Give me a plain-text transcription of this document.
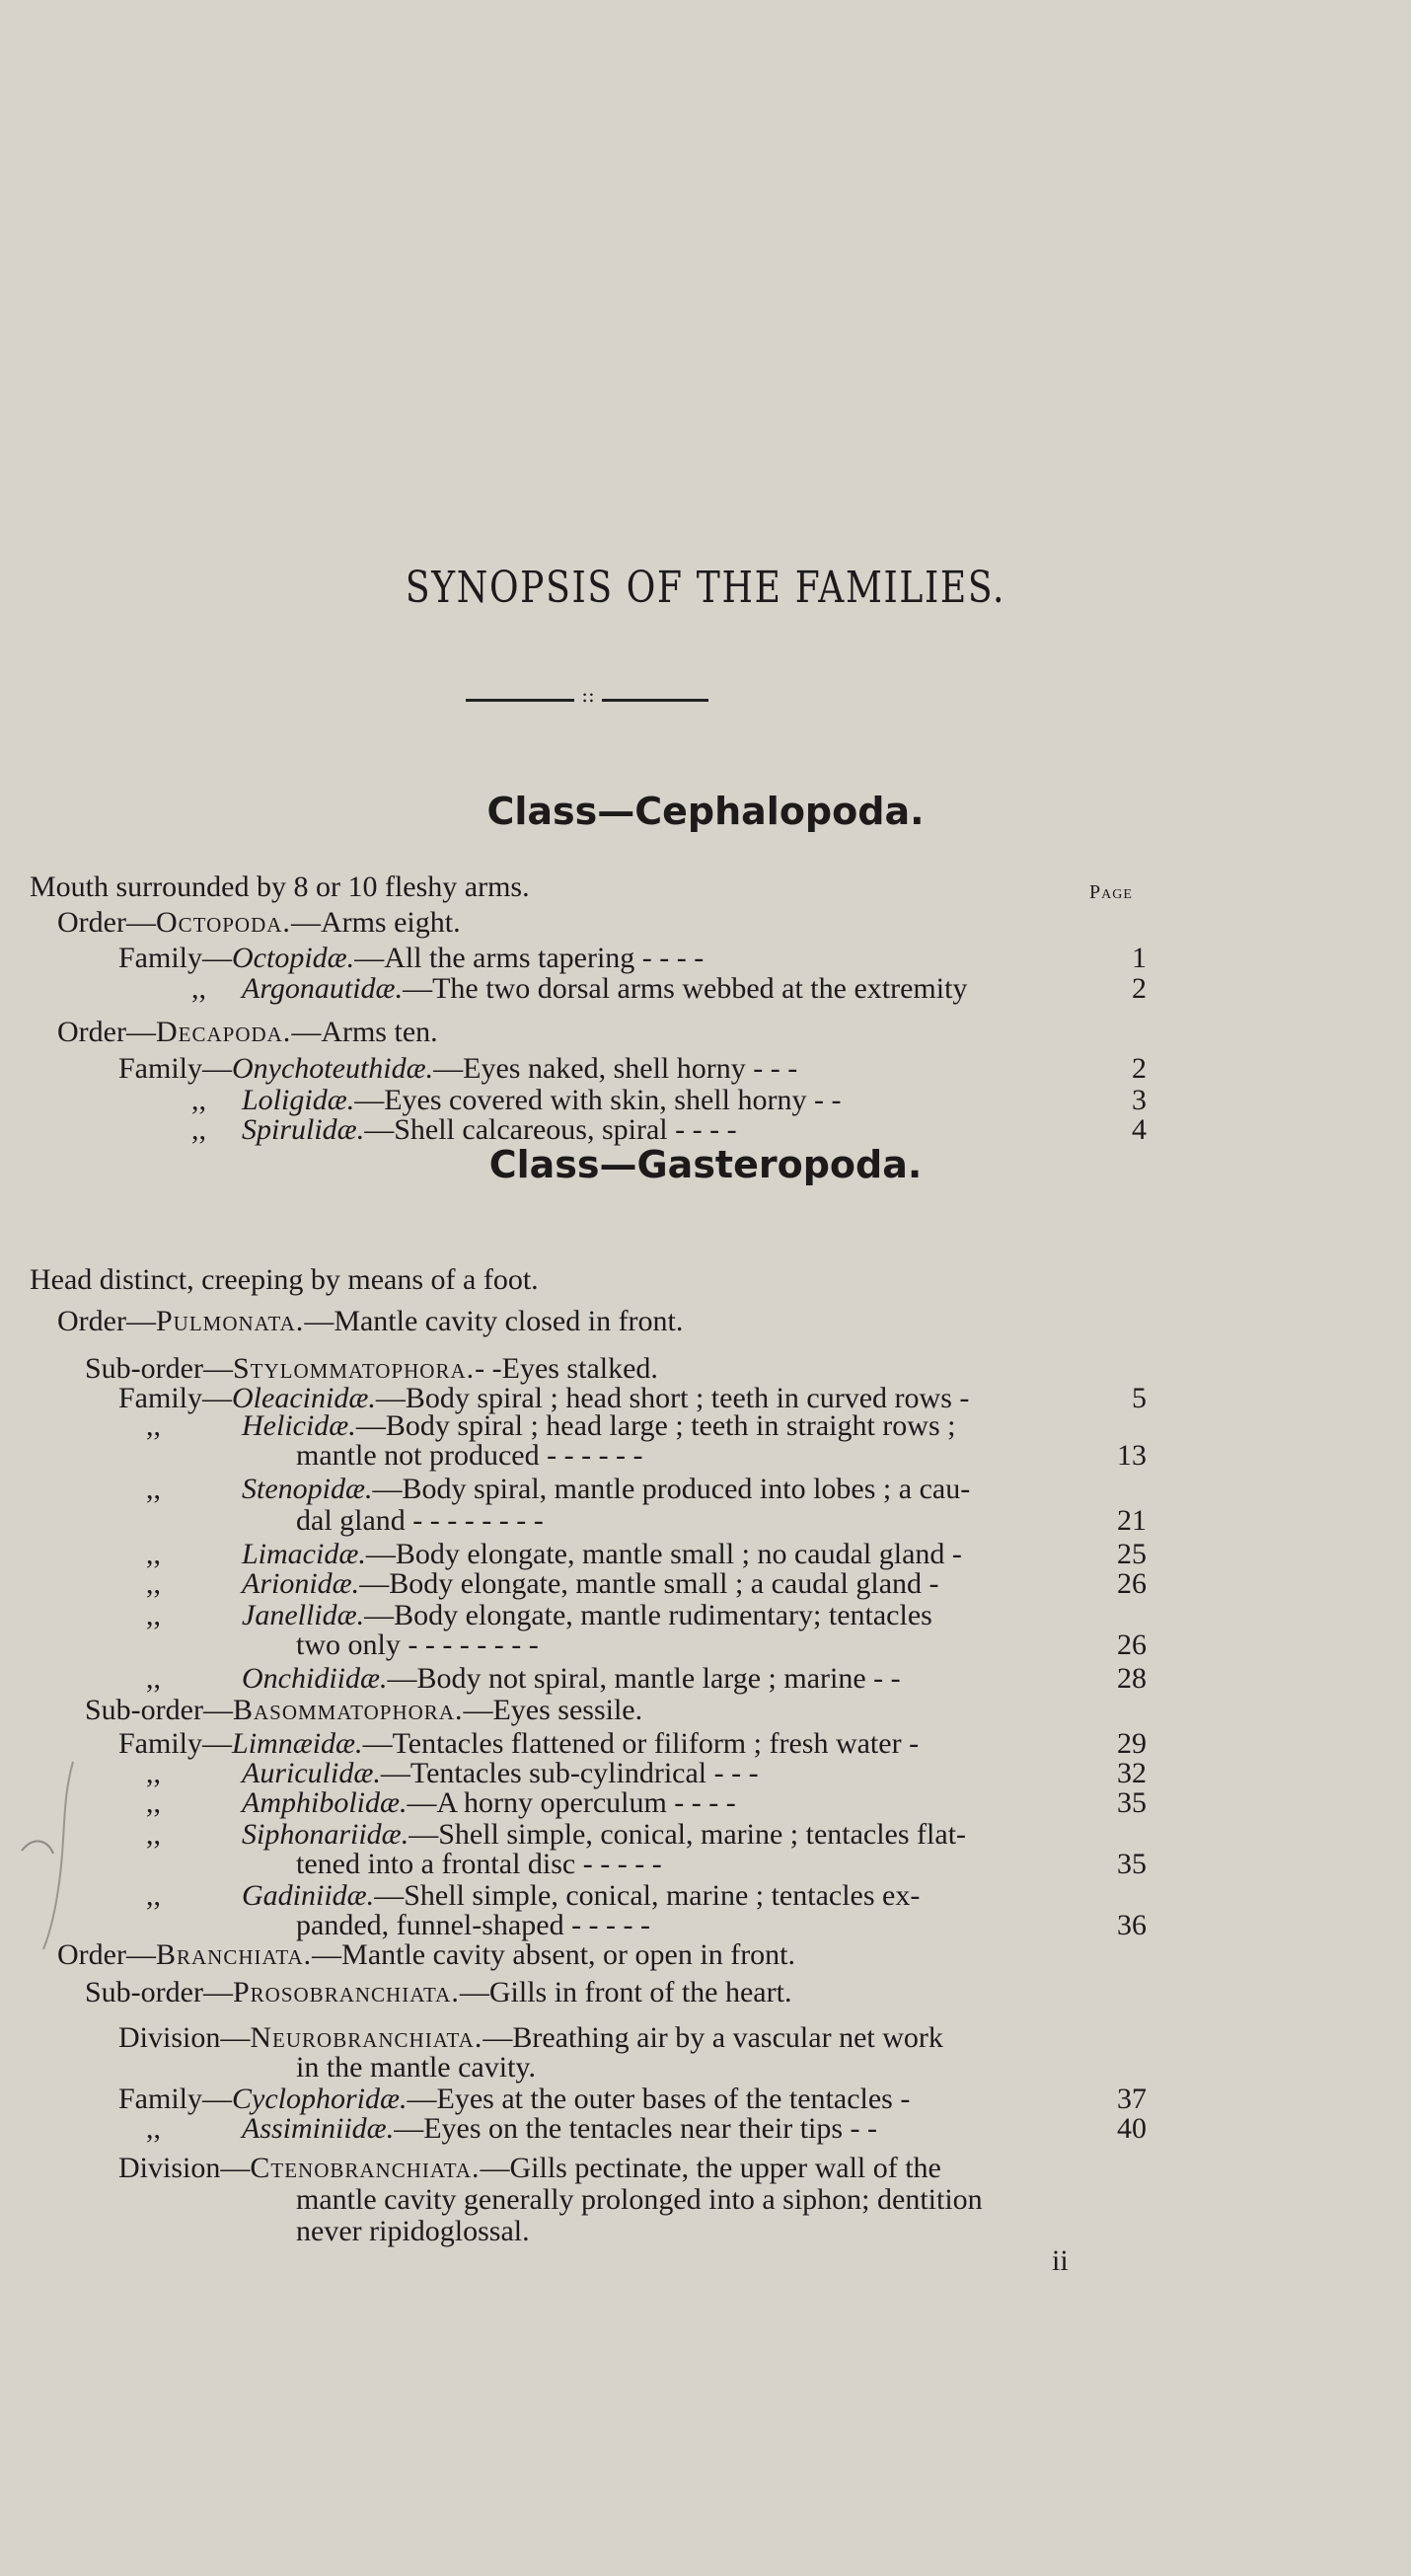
SYNOPSIS OF THE FAMILIES.
::
Class—Cephalopoda.
Page
Class—Gasteropoda.
Mouth surrounded by 8 or 10 fleshy arms.
Order—Octopoda.—Arms eight.
Family—Octopidæ.—All the arms tapering - - - -	1
,, Argonautidæ.—The two dorsal arms webbed at the extremity	2
Order—Decapoda.—Arms ten.
Family—Onychoteuthidæ.—Eyes naked, shell horny - - -	2
,, Loligidæ.—Eyes covered with skin, shell horny - -	3
,, Spirulidæ.—Shell calcareous, spiral - - - -	4
Head distinct, creeping by means of a foot.
Order—Pulmonata.—Mantle cavity closed in front.
Sub-order—Stylommatophora.- -Eyes stalked.
Family—Oleacinidæ.—Body spiral ; head short ; teeth in curved rows -	5
,,	Helicidæ.—Body spiral ; head large ; teeth in straight rows ;
mantle not produced - - - - - -	13
,,	Stenopidæ.—Body spiral, mantle produced into lobes ; a cau-
dal gland - - - - - - - -	21
,,	Limacidæ.—Body elongate, mantle small ; no caudal gland -	25
,,	Arionidæ.—Body elongate, mantle small ; a caudal gland -	26
,,	Janellidæ.—Body elongate, mantle rudimentary; tentacles
two only - - - - - - - -	26
,,	Onchidiidæ.—Body not spiral, mantle large ; marine - -	28
Sub-order—Basommatophora.—Eyes sessile.
Family—Limnæidæ.—Tentacles flattened or filiform ; fresh water -	29
,,	Auriculidæ.—Tentacles sub-cylindrical - - -	32
,,	Amphibolidæ.—A horny operculum - - - -	35
,,	Siphonariidæ.—Shell simple, conical, marine ; tentacles flat-
tened into a frontal disc - - - - -	35
,,	Gadiniidæ.—Shell simple, conical, marine ; tentacles ex-
panded, funnel-shaped - - - - -	36
Order—Branchiata.—Mantle cavity absent, or open in front.
Sub-order—Prosobranchiata.—Gills in front of the heart.
Division—Neurobranchiata.—Breathing air by a vascular net work
in the mantle cavity.
Family—Cyclophoridæ.—Eyes at the outer bases of the tentacles -	37
,,	Assiminiidæ.—Eyes on the tentacles near their tips - -	40
Division—Ctenobranchiata.—Gills pectinate, the upper wall of the
mantle cavity generally prolonged into a siphon; dentition
never ripidoglossal.
ii
